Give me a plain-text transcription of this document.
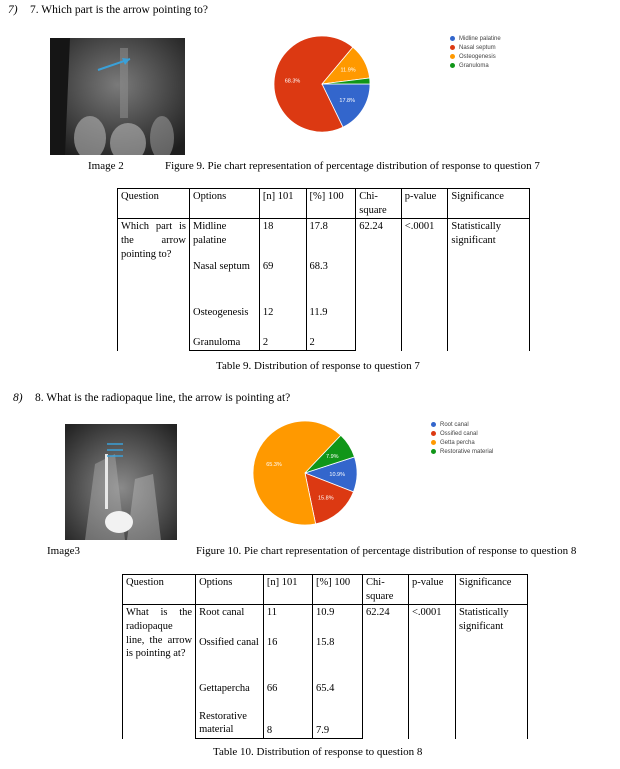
7) 7. Which part is the arrow pointing to?
17.8%
68.3%
11.9%
Midline palatine
Nasal septum
Osteogenesis
Granuloma
Image 2	Figure 9. Pie chart representation of percentage distribution of response to question 7
Question	Options	[n] 101	[%] 100	Chi-square	p-value	Significance
Which part is the arrow pointing to?	Midline palatine	18	17.8	62.24	<.0001	Statistically significant
	Nasal septum	69	68.3			
	Osteogenesis	12	11.9			
	Granuloma	2	2			
Table 9. Distribution of response to question 7
8) 8. What is the radiopaque line, the arrow is pointing at?
10.9%
15.8%
65.3%
7.9%
Root canal
Ossified canal
Getta percha
Restorative material
Image3	Figure 10. Pie chart representation of percentage distribution of response to question 8
Question	Options	[n] 101	[%] 100	Chi-square	p-value	Significance
What is the radiopaque line, the arrow is pointing at?	Root canal	11	10.9	62.24	<.0001	Statistically significant
	Ossified canal	16	15.8			
	Gettapercha	66	65.4			
	Restorative material	8	7.9			
Table 10. Distribution of response to question 8
